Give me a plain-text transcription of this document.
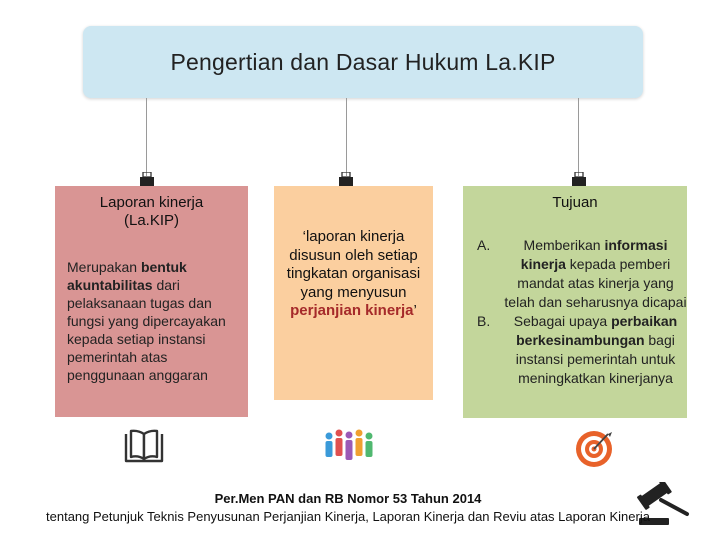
Pengertian dan Dasar Hukum La.KIP
Laporan kinerja
(La.KIP)
Merupakan bentuk akuntabilitas dari pelaksanaan tugas dan fungsi yang dipercayakan kepada setiap instansi pemerintah atas penggunaan anggaran
‘laporan kinerja disusun oleh setiap tingkatan organisasi yang menyusun perjanjian kinerja’
Tujuan
A.	Memberikan informasi kinerja kepada pemberi mandat atas kinerja yang telah dan seharusnya dicapai
B.	Sebagai upaya perbaikan berkesinambungan bagi instansi pemerintah untuk meningkatkan kinerjanya
Per.Men PAN dan RB Nomor 53 Tahun 2014
tentang Petunjuk Teknis Penyusunan Perjanjian Kinerja, Laporan Kinerja dan Reviu atas Laporan Kinerja
